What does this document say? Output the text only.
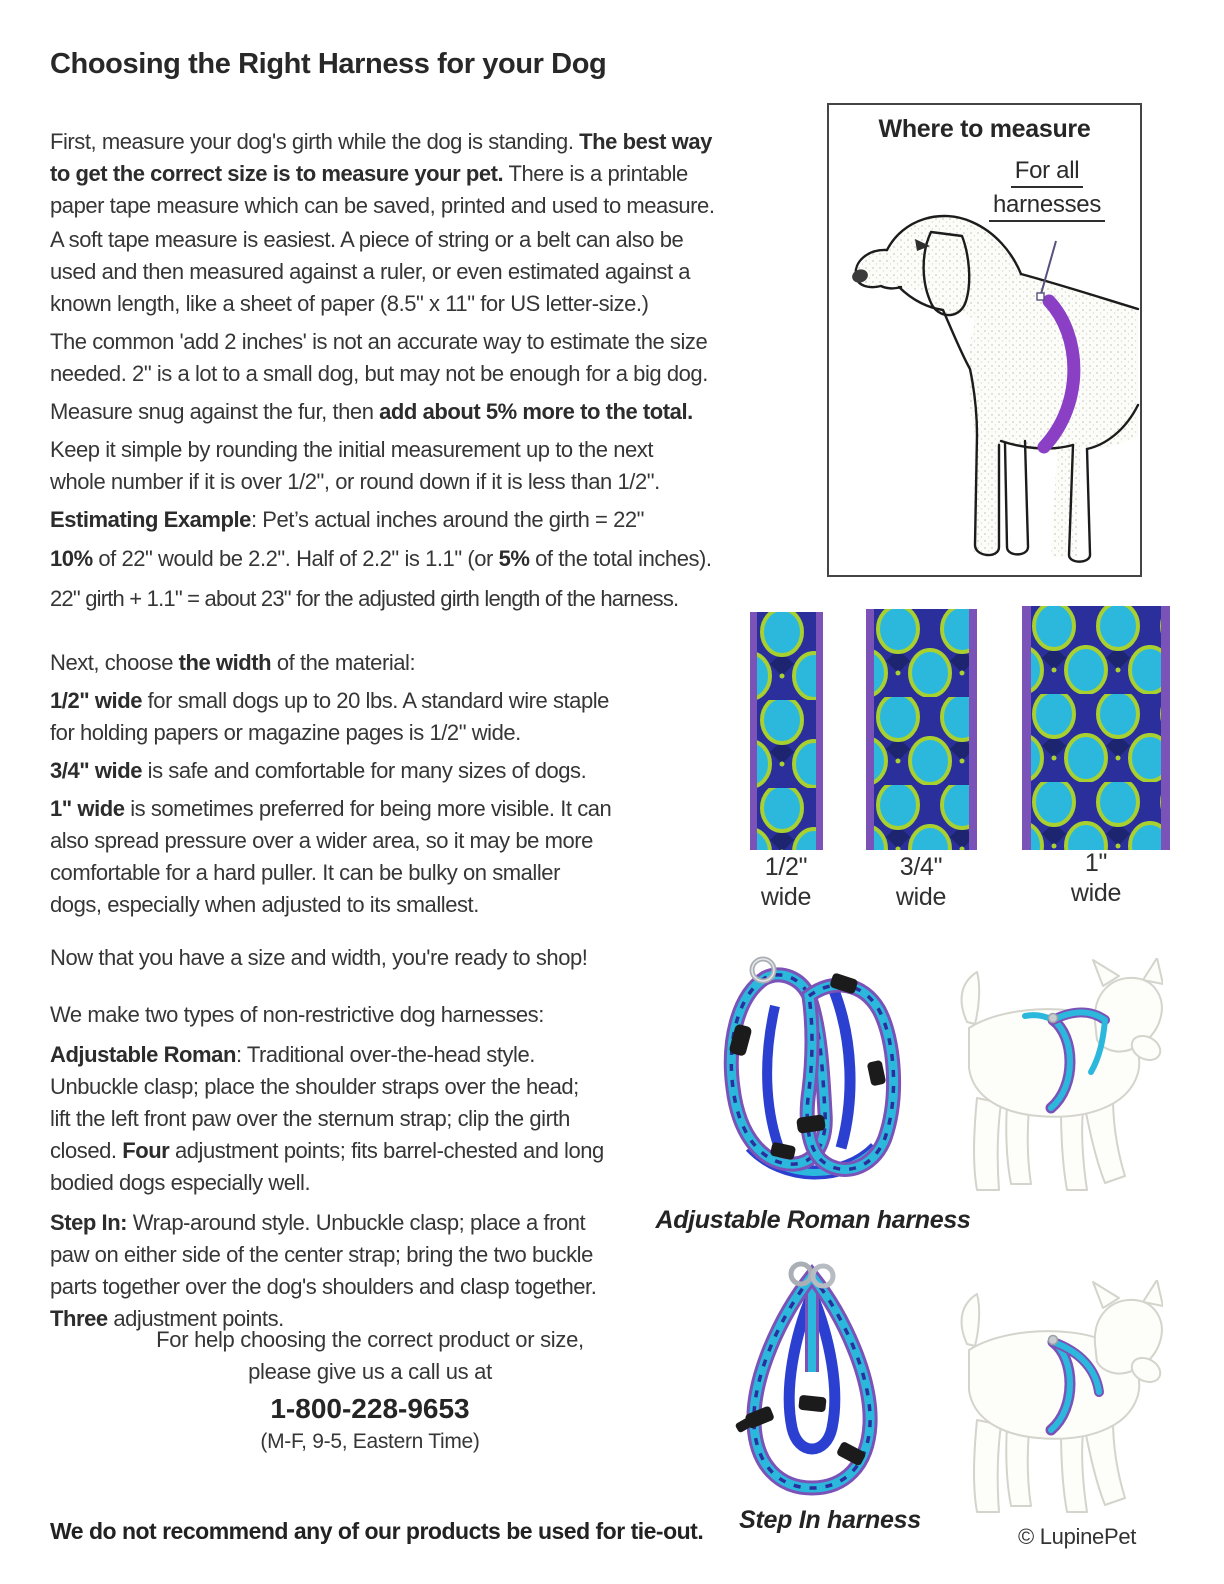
Choosing the Right Harness for your Dog

First, measure your dog's girth while the dog is standing. The best way
to get the correct size is to measure your pet. There is a printable
paper tape measure which can be saved, printed and used to measure.

A soft tape measure is easiest. A piece of string or a belt can also be
used and then measured against a ruler, or even estimated against a
known length, like a sheet of paper (8.5" x 11" for US letter-size.)

The common 'add 2 inches' is not an accurate way to estimate the size
needed. 2" is a lot to a small dog, but may not be enough for a big dog.

Measure snug against the fur, then add about 5% more to the total.

Keep it simple by rounding the initial measurement up to the next
whole number if it is over 1/2", or round down if it is less than 1/2".

Estimating Example: Pet’s actual inches around the girth = 22"

10% of 22" would be 2.2". Half of 2.2" is 1.1" (or 5% of the total inches).

22" girth + 1.1" = about 23" for the adjusted girth length of the harness.

Next, choose the width of the material:

1/2" wide for small dogs up to 20 lbs. A standard wire staple
for holding papers or magazine pages is 1/2" wide.

3/4" wide is safe and comfortable for many sizes of dogs.

1" wide is sometimes preferred for being more visible. It can
also spread pressure over a wider area, so it may be more
comfortable for a hard puller. It can be bulky on smaller
dogs, especially when adjusted to its smallest.

Now that you have a size and width, you're ready to shop!

We make two types of non-restrictive dog harnesses:

Adjustable Roman: Traditional over-the-head style.
Unbuckle clasp; place the shoulder straps over the head;
lift the left front paw over the sternum strap; clip the girth
closed. Four adjustment points; fits barrel-chested and long
bodied dogs especially well.

Step In: Wrap-around style. Unbuckle clasp; place a front
paw on either side of the center strap; bring the two buckle
parts together over the dog's shoulders and clasp together.
Three adjustment points.

For help choosing the correct product or size,
please give us a call us at
1-800-228-9653
(M-F, 9-5, Eastern Time)
We do not recommend any of our products be used for tie-out.	© LupinePet
Where to measure
For all
harnesses
1/2"
wide
3/4"
wide
1"
wide
Adjustable Roman harness
Step In harness
